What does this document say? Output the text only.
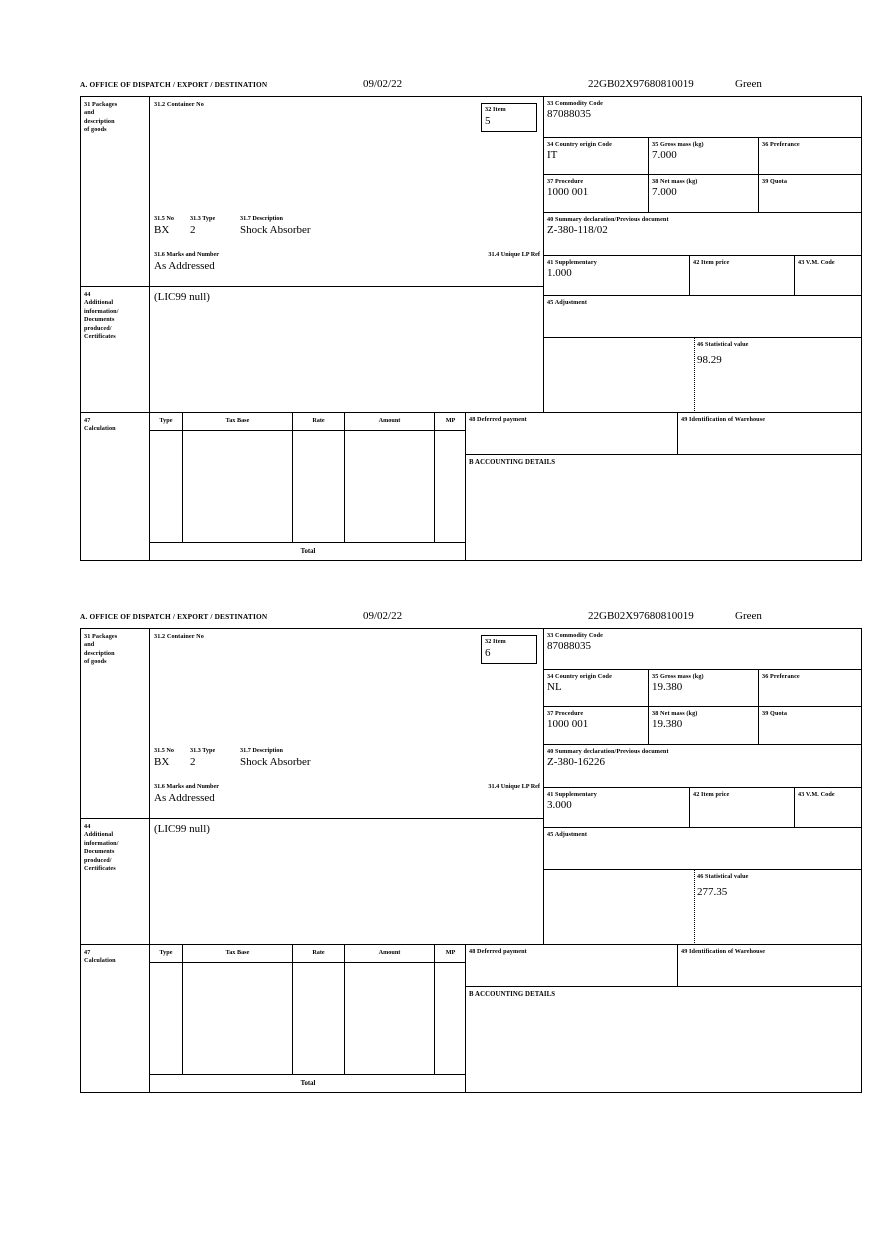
A. OFFICE OF DISPATCH / EXPORT / DESTINATION	09/02/22	22GB02X97680810019	Green
31 Packages
and
description
of goods
31.2 Container No
31.5 No	31.3 Type	31.7 Description
BX 2	Shock Absorber
31.6 Marks and Number	31.4 Unique LP Ref
As Addressed
32 Item
5
33 Commodity Code
87088035
34 Country origin Code
IT
35 Gross mass (kg)
7.000
36 Preferance
37 Procedure
1000 001
38 Net mass (kg)
7.000
39 Quota
40 Summary declaration/Previous document
Z-380-118/02
41 Supplementary
1.000
42 Item price	43 V.M. Code
45 Adjustment
46 Statistical value
98.29
44
Additional
information/
Documents
produced/
Certificates
(LIC99 null)
47
Calculation
Type	Tax Base	Rate	Amount	MP
Total
48 Deferred payment	49 Identification of Warehouse
B ACCOUNTING DETAILS
A. OFFICE OF DISPATCH / EXPORT / DESTINATION	09/02/22	22GB02X97680810019	Green
31 Packages
and
description
of goods
31.2 Container No
31.5 No	31.3 Type	31.7 Description
BX 2	Shock Absorber
31.6 Marks and Number	31.4 Unique LP Ref
As Addressed
32 Item
6
33 Commodity Code
87088035
34 Country origin Code
NL
35 Gross mass (kg)
19.380
36 Preferance
37 Procedure
1000 001
38 Net mass (kg)
19.380
39 Quota
40 Summary declaration/Previous document
Z-380-16226
41 Supplementary
3.000
42 Item price	43 V.M. Code
45 Adjustment
46 Statistical value
277.35
44
Additional
information/
Documents
produced/
Certificates
(LIC99 null)
47
Calculation
Type	Tax Base	Rate	Amount	MP
Total
48 Deferred payment	49 Identification of Warehouse
B ACCOUNTING DETAILS
